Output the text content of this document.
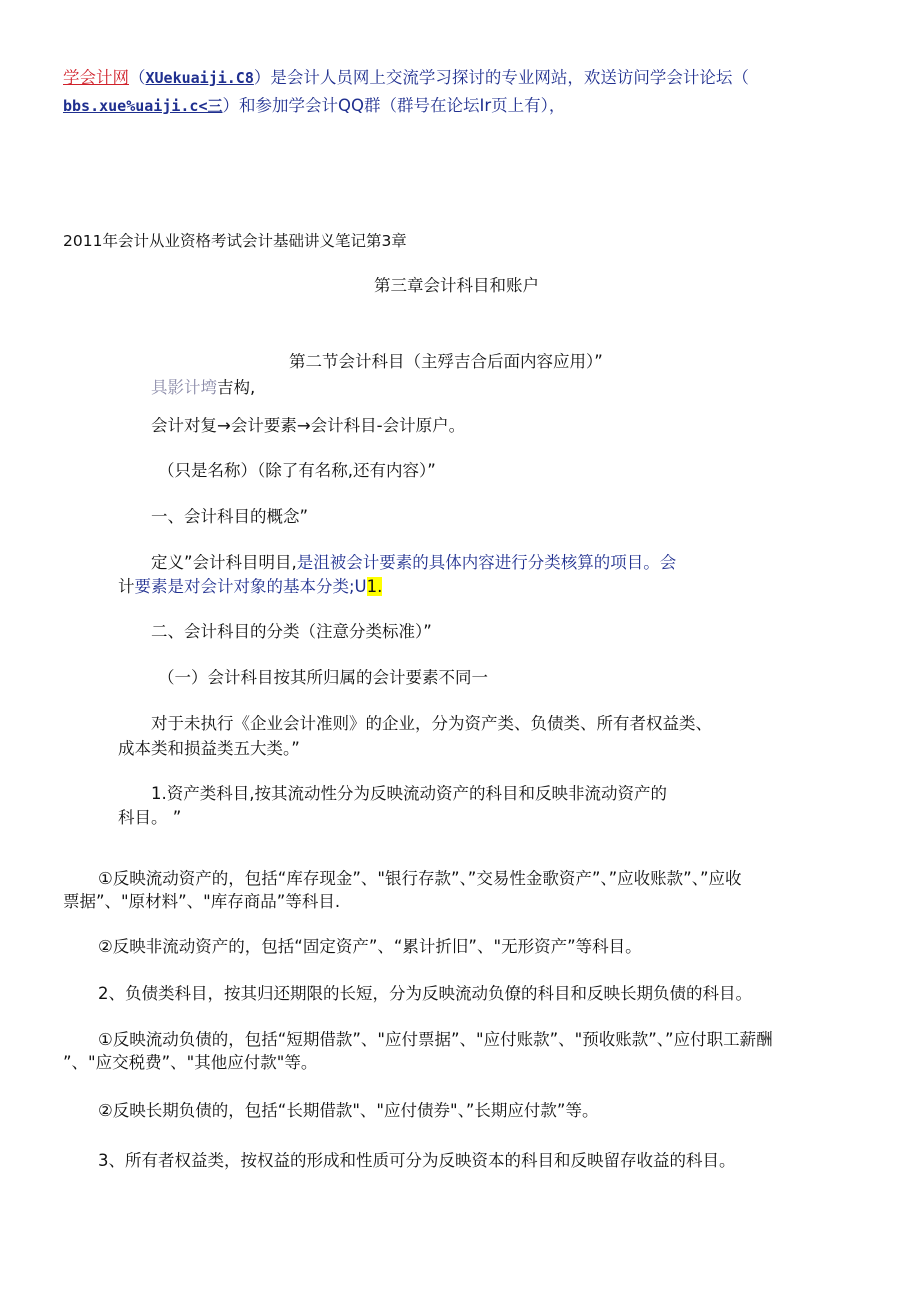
学会计网（XUekuaiji.C8）是会计人员网上交流学习探讨的专业网站，欢送访问学会计论坛（
bbs.xue%uaiji.c<三）和参加学会计QQ群（群号在论坛Ir页上有），
2011年会计从业资格考试会计基础讲义笔记第3章
第三章会计科目和账户
第二节会计科目（主殍吉合后面内容应用）”
具影计塆吉构,
会计对复→会计要素→会计科目-会计原户。
（只是名称）（除了有名称,还有内容）”
一、会计科目的概念”
定义”会计科目明目,是沮被会计要素的具体内容进行分类核算的项目。会
计要素是对会计对象的基本分类;U1.
二、会计科目的分类（注意分类标准）”
（一）会计科目按其所归属的会计要素不同一
对于未执行《企业会计准则》的企业，分为资产类、负债类、所有者权益类、
成本类和损益类五大类。”
1.资产类科目,按其流动性分为反映流动资产的科目和反映非流动资产的
科目。 ”
①反映流动资产的，包括“库存现金”、"银行存款”、”交易性金歌资产”、”应收账款”、”应收
票据”、"原材料”、"库存商品”等科目.
②反映非流动资产的，包括“固定资产”、“累计折旧”、"无形资产”等科目。
2、负债类科目，按其归还期限的长短，分为反映流动负僚的科目和反映长期负债的科目。
①反映流动负债的，包括“短期借款”、"应付票据”、"应付账款”、"预收账款”、”应付职工薪酬
”、"应交税费”、"其他应付款"等。
②反映长期负债的，包括“长期借款"、"应付债券"、”长期应付款”等。
3、所有者权益类，按权益的形成和性质可分为反映资本的科目和反映留存收益的科目。
